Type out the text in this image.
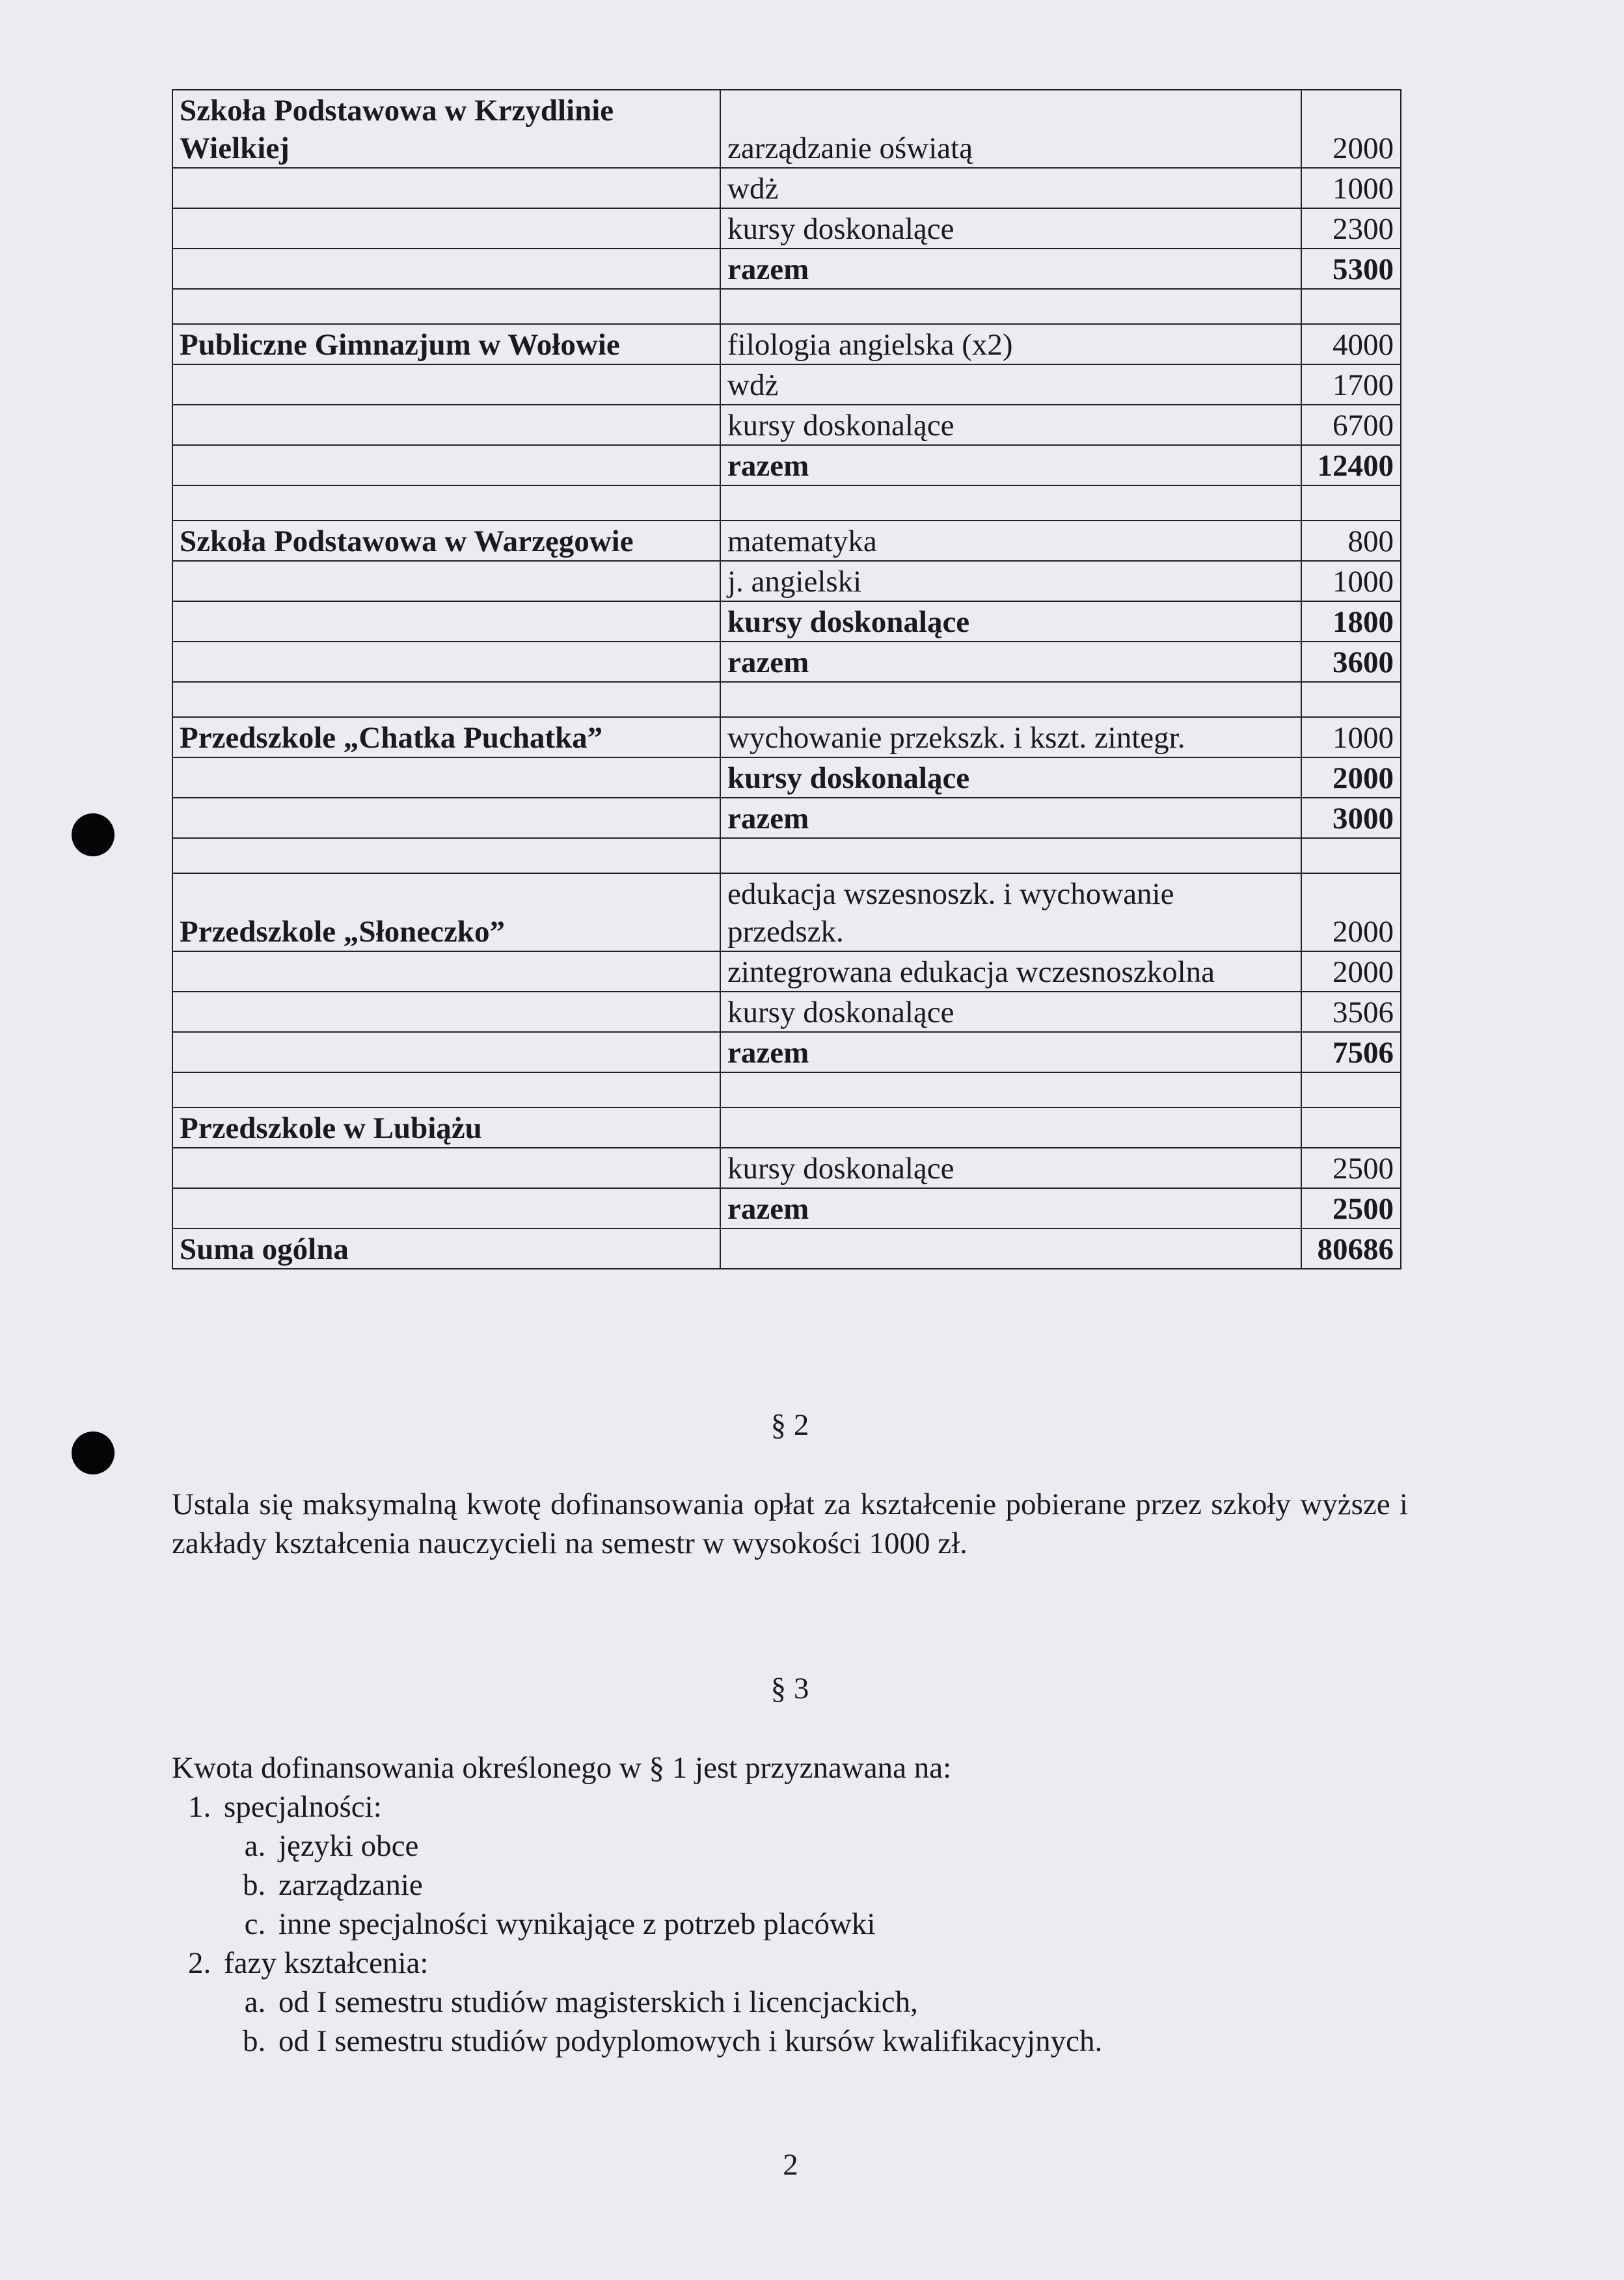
Szkoła Podstawowa w Krzydlinie Wielkiej	zarządzanie oświatą	2000
	wdż	1000
	kursy doskonalące	2300
	razem	5300

Publiczne Gimnazjum w Wołowie	filologia angielska (x2)	4000
	wdż	1700
	kursy doskonalące	6700
	razem	12400

Szkoła Podstawowa w Warzęgowie	matematyka	800
	j. angielski	1000
	kursy doskonalące	1800
	razem	3600

Przedszkole „Chatka Puchatka”	wychowanie przekszk. i kszt. zintegr.	1000
	kursy doskonalące	2000
	razem	3000

Przedszkole „Słoneczko”	edukacja wszesnoszk. i wychowanie przedszk.	2000
	zintegrowana edukacja wczesnoszkolna	2000
	kursy doskonalące	3506
	razem	7506

Przedszkole w Lubiążu		
	kursy doskonalące	2500
	razem	2500
Suma ogólna		80686
§ 2
Ustala się maksymalną kwotę dofinansowania opłat za kształcenie pobierane przez szkoły wyższe i zakłady kształcenia nauczycieli na semestr w wysokości 1000 zł.
§ 3
Kwota dofinansowania określonego w § 1 jest przyznawana na:
1. specjalności:
a. języki obce
b. zarządzanie
c. inne specjalności wynikające z potrzeb placówki
2. fazy kształcenia:
a. od I semestru studiów magisterskich i licencjackich,
b. od I semestru studiów podyplomowych i kursów kwalifikacyjnych.
2
